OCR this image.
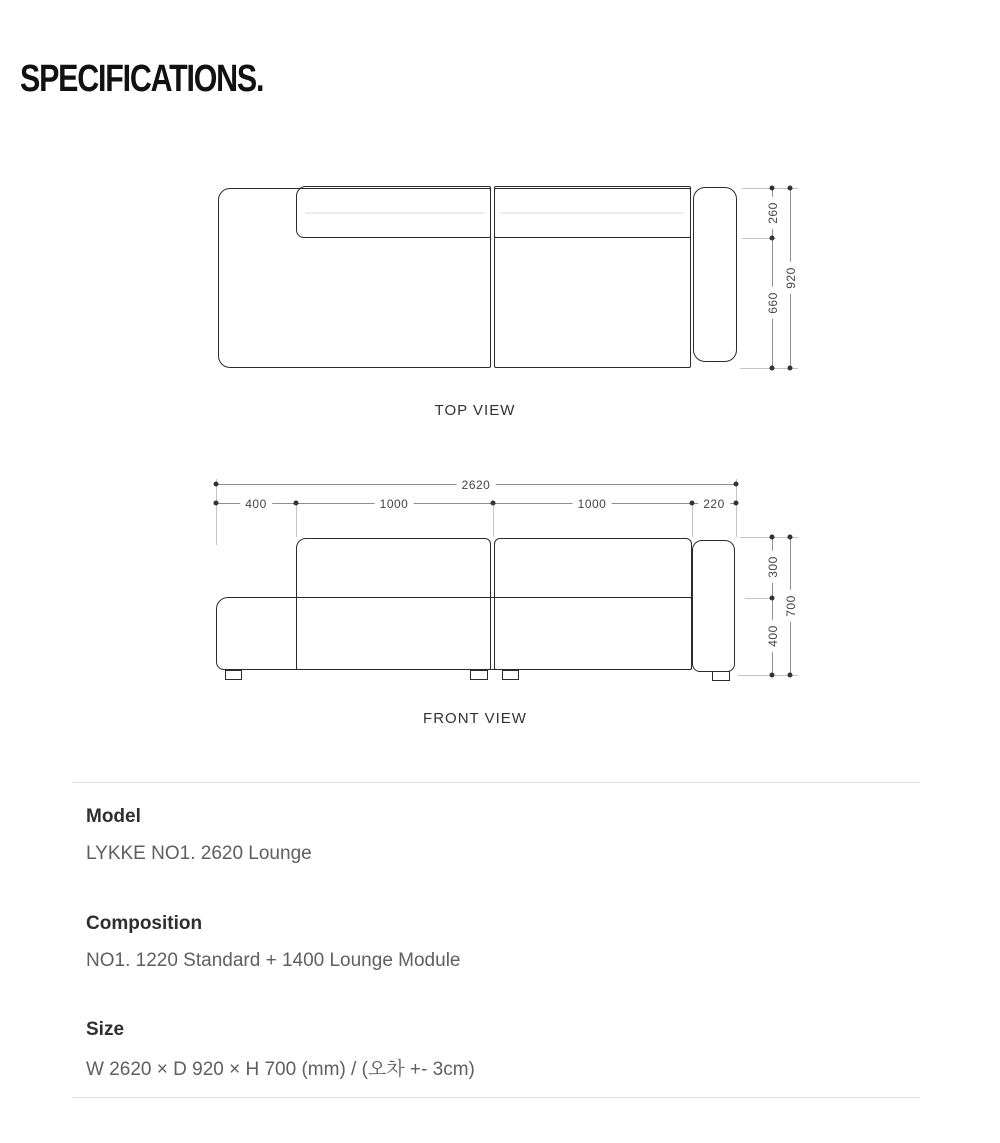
SPECIFICATIONS.
260
660
920
TOP VIEW
2620
400	1000	1000	220
300
400
700
FRONT VIEW
Model
LYKKE NO1. 2620 Lounge
Composition
NO1. 1220 Standard + 1400 Lounge Module
Size
W 2620 × D 920 × H 700 (mm) / (오차 +- 3cm)
